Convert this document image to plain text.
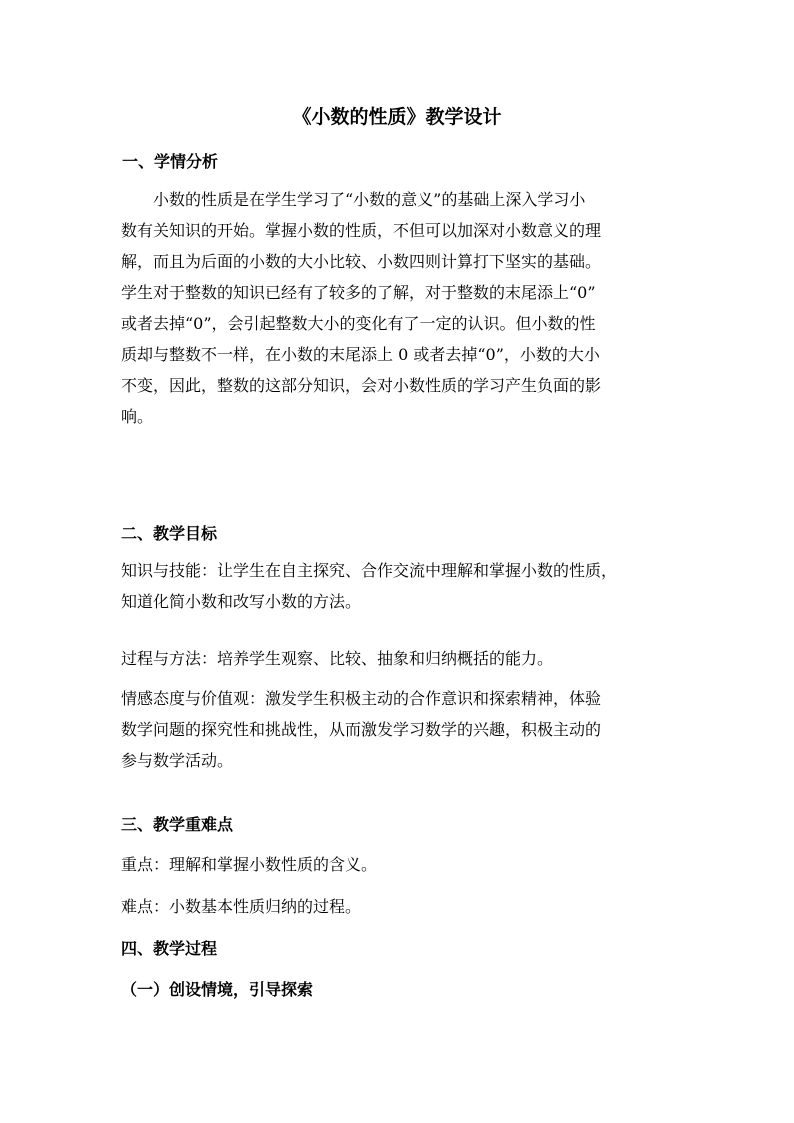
《小数的性质》教学设计
一、学情分析
小数的性质是在学生学习了“小数的意义”的基础上深入学习小
数有关知识的开始。掌握小数的性质，不但可以加深对小数意义的理
解，而且为后面的小数的大小比较、小数四则计算打下坚实的基础。
学生对于整数的知识已经有了较多的了解，对于整数的末尾添上“0”
或者去掉“0”，会引起整数大小的变化有了一定的认识。但小数的性
质却与整数不一样，在小数的末尾添上 0 或者去掉“0”，小数的大小
不变，因此，整数的这部分知识，会对小数性质的学习产生负面的影
响。
二、教学目标
知识与技能：让学生在自主探究、合作交流中理解和掌握小数的性质，
知道化简小数和改写小数的方法。
过程与方法：培养学生观察、比较、抽象和归纳概括的能力。
情感态度与价值观：激发学生积极主动的合作意识和探索精神，体验
数学问题的探究性和挑战性，从而激发学习数学的兴趣，积极主动的
参与数学活动。
三、教学重难点
重点：理解和掌握小数性质的含义。
难点：小数基本性质归纳的过程。
四、教学过程
（一）创设情境，引导探索
